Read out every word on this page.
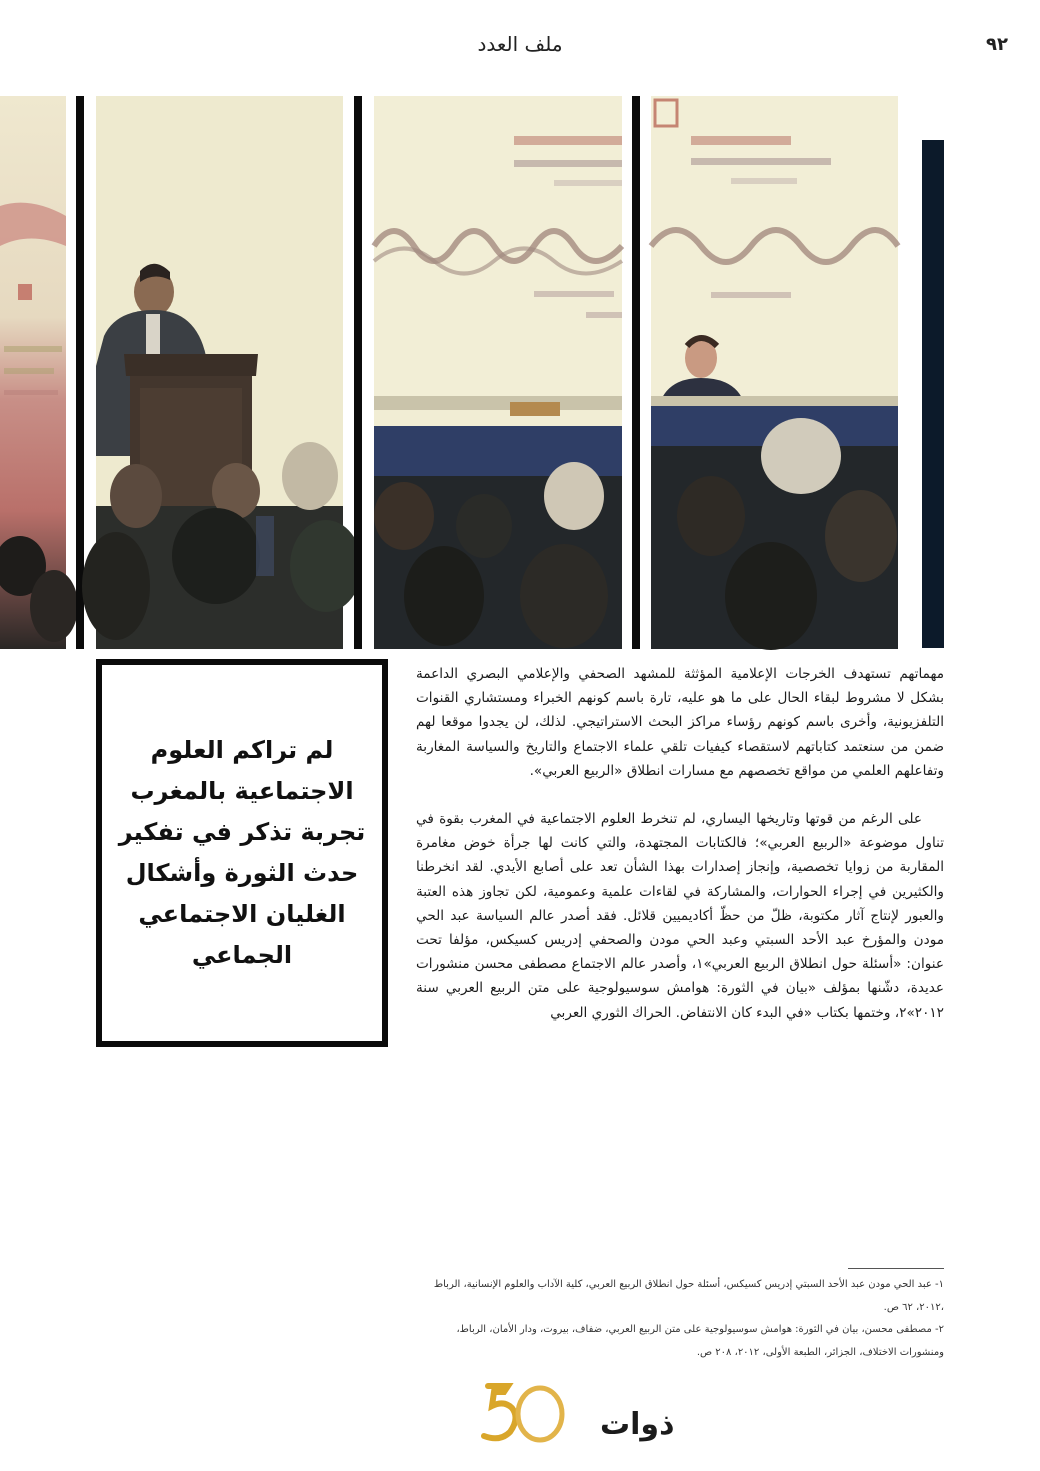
ملف العدد	٩٢
لم تراكم العلوم الاجتماعية بالمغرب تجربة تذكر في تفكير حدث الثورة وأشكال الغليان الاجتماعي الجماعي

مهماتهم تستهدف الخرجات الإعلامية المؤثثة للمشهد الصحفي والإعلامي البصري الداعمة بشكل لا مشروط لبقاء الحال على ما هو عليه، تارة باسم كونهم الخبراء ومستشاري القنوات التلفزيونية، وأخرى باسم كونهم رؤساء مراكز البحث الاستراتيجي. لذلك، لن يجدوا موقعا لهم ضمن من سنعتمد كتاباتهم لاستقصاء كيفيات تلقي علماء الاجتماع والتاريخ والسياسة المغاربة وتفاعلهم العلمي من مواقع تخصصهم مع مسارات انطلاق «الربيع العربي».

على الرغم من قوتها وتاريخها اليساري، لم تنخرط العلوم الاجتماعية في المغرب بقوة في تناول موضوعة «الربيع العربي»؛ فالكتابات المجتهدة، والتي كانت لها جرأة خوض مغامرة المقاربة من زوايا تخصصية، وإنجاز إصدارات بهذا الشأن تعد على أصابع الأيدي. لقد انخرطنا والكثيرين في إجراء الحوارات، والمشاركة في لقاءات علمية وعمومية، لكن تجاوز هذه العتبة والعبور لإنتاج آثار مكتوبة، ظلّ من حظّ أكاديميين قلائل. فقد أصدر عالم السياسة عبد الحي مودن والمؤرخ عبد الأحد السبتي وعبد الحي مودن والصحفي إدريس كسيكس، مؤلفا تحت عنوان: «أسئلة حول انطلاق الربيع العربي»١، وأصدر عالم الاجتماع مصطفى محسن منشورات عديدة، دشّنها بمؤلف «بيان في الثورة: هوامش سوسيولوجية على متن الربيع العربي سنة ٢٠١٢»٢، وختمها بكتاب «في البدء كان الانتفاض. الحراك الثوري العربي

١- عبد الحي مودن عبد الأحد السبتي إدريس كسيكس، أسئلة حول انطلاق الربيع العربي، كلية الآداب والعلوم الإنسانية، الرباط ،٢٠١٢، ٦٢ ص.

٢- مصطفى محسن، بيان في الثورة: هوامش سوسيولوجية على متن الربيع العربي، ضفاف، بيروت، ودار الأمان، الرباط، ومنشورات الاختلاف، الجزائر، الطبعة الأولى، ٢٠١٢، ٢٠٨ ص.

ذوات
